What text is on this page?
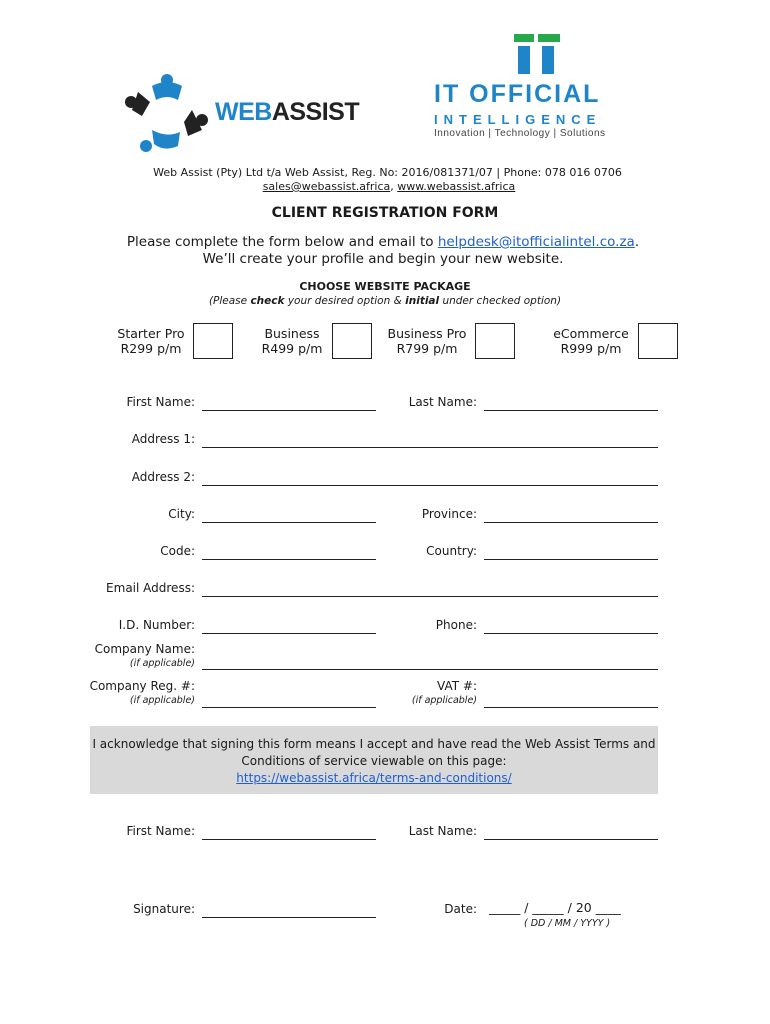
WEBASSIST
IT OFFICIAL
INTELLIGENCE
Innovation | Technology | Solutions
Web Assist (Pty) Ltd t/a Web Assist, Reg. No: 2016/081371/07 | Phone: 078 016 0706
sales@webassist.africa, www.webassist.africa
CLIENT REGISTRATION FORM
Please complete the form below and email to helpdesk@itofficialintel.co.za.
We’ll create your profile and begin your new website.
CHOOSE WEBSITE PACKAGE
(Please check your desired option & initial under checked option)
Starter Pro
R299 p/m
Business
R499 p/m
Business Pro
R799 p/m
eCommerce
R999 p/m
First Name:	Last Name:
Address 1:
Address 2:
City:	Province:
Code:	Country:
Email Address:
I.D. Number:	Phone:
Company Name:
(if applicable)
Company Reg. #:
(if applicable)
VAT #:
(if applicable)
I acknowledge that signing this form means I accept and have read the Web Assist Terms and
Conditions of service viewable on this page:
https://webassist.africa/terms-and-conditions/
First Name:	Last Name:
Signature:	Date: _____ / _____ / 20 ____
( DD / MM / YYYY )
